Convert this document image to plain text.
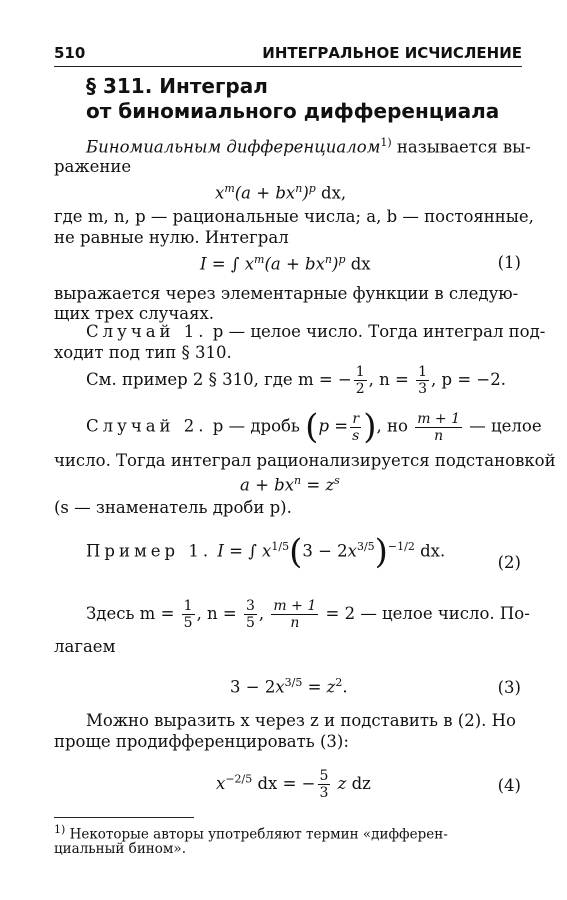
510	ИНТЕГРАЛЬНОЕ ИСЧИСЛЕНИЕ
§ 311. Интеграл
от биномиального дифференциала
Биномиальным дифференциалом$^{1)}$ называется вы-
ражение
$x^m(a + bx^n)^p$ dx,
где m, n, p — рациональные числа; a, b — постоянные,
не равные нулю. Интеграл
I = ∫ $x^m(a + bx^n)^p$ dx	(1)
выражается через элементарные функции в следую-
щих трех случаях.
Случай 1. p — целое число. Тогда интеграл под-
ходит под тип § 310.
См. пример 2 § 310, где m = − $\frac{1}{2}$ , $n = \frac{1}{3}$ , p = −2.
Случай 2. p — дробь ($p = \frac{r}{s}$ ), но $\frac{m + 1}{n}$ — целое
число. Тогда интеграл рационализируется подстановкой
$a + bx^n = z^s$
(s — знаменатель дроби p).
Пример 1. I = ∫ $x^{1/5}(3 - 2x^{3/5})^{-1/2}$ dx.
(2)
Здесь $m = \frac{1}{5}$ , $n = \frac{3}{5}$ , $\frac{m + 1}{n} = 2$ — целое число. По-
лагаем
$3 - 2x^{3/5} = z^2$.	(3)
Можно выразить x через z и подставить в (2). Но
проще продифференцировать (3):
$x^{-2/5}$ dx = − $\frac{5}{3}$ z dz	(4)
$^{1)}$ Некоторые авторы употребляют термин «дифферен-
циальный бином».
